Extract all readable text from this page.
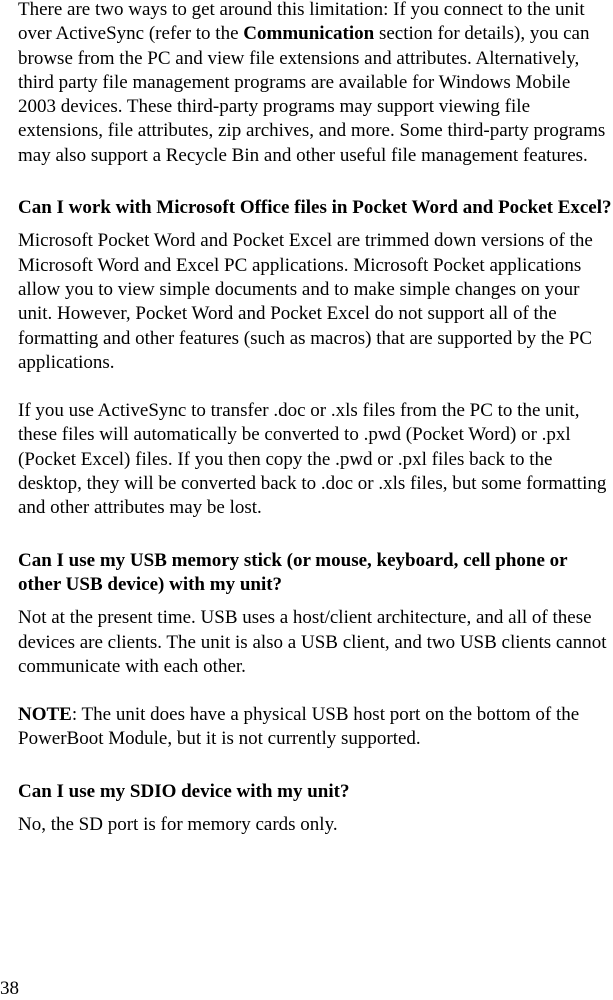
There are two ways to get around this limitation: If you connect to the unit over ActiveSync (refer to the Communication section for details), you can browse from the PC and view file extensions and attributes. Alternatively, third party file management programs are available for Windows Mobile 2003 devices. These third-party programs may support viewing file extensions, file attributes, zip archives, and more. Some third-party programs may also support a Recycle Bin and other useful file management features.

Can I work with Microsoft Office files in Pocket Word and Pocket Excel?

Microsoft Pocket Word and Pocket Excel are trimmed down versions of the Microsoft Word and Excel PC applications. Microsoft Pocket applications allow you to view simple documents and to make simple changes on your unit. However, Pocket Word and Pocket Excel do not support all of the formatting and other features (such as macros) that are supported by the PC applications.

If you use ActiveSync to transfer .doc or .xls files from the PC to the unit, these files will automatically be converted to .pwd (Pocket Word) or .pxl (Pocket Excel) files. If you then copy the .pwd or .pxl files back to the desktop, they will be converted back to .doc or .xls files, but some formatting and other attributes may be lost.

Can I use my USB memory stick (or mouse, keyboard, cell phone or other USB device) with my unit?

Not at the present time. USB uses a host/client architecture, and all of these devices are clients. The unit is also a USB client, and two USB clients cannot communicate with each other.

NOTE: The unit does have a physical USB host port on the bottom of the PowerBoot Module, but it is not currently supported.

Can I use my SDIO device with my unit?

No, the SD port is for memory cards only.

38
